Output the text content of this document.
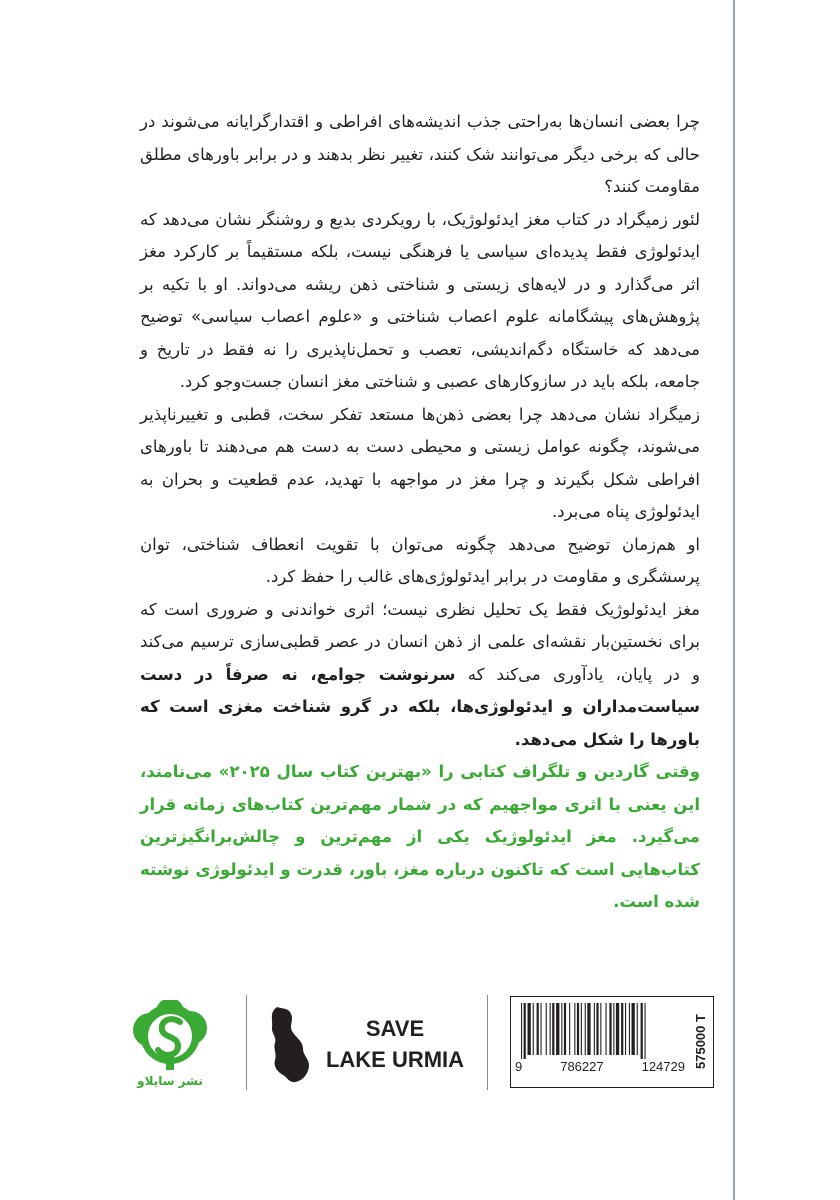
چرا بعضی انسان‌ها به‌راحتی جذب اندیشه‌های افراطی و اقتدارگرایانه می‌شوند در حالی که برخی دیگر می‌توانند شک کنند، تغییر نظر بدهند و در برابر باورهای مطلق مقاومت کنند؟

لئور زمیگراد در کتاب مغز ایدئولوژیک، با رویکردی بدیع و روشنگر نشان می‌دهد که ایدئولوژی فقط پدیده‌ای سیاسی یا فرهنگی نیست، بلکه مستقیماً بر کارکرد مغز اثر می‌گذارد و در لایه‌های زیستی و شناختی ذهن ریشه می‌دواند. او با تکیه بر پژوهش‌های پیشگامانه علوم اعصاب شناختی و «علوم اعصاب سیاسی» توضیح می‌دهد که خاستگاه دگم‌اندیشی، تعصب و تحمل‌ناپذیری را نه فقط در تاریخ و جامعه، بلکه باید در سازوکارهای عصبی و شناختی مغز انسان جست‌وجو کرد.

زمیگراد نشان می‌دهد چرا بعضی ذهن‌ها مستعد تفکر سخت، قطبی و تغییرناپذیر می‌شوند، چگونه عوامل زیستی و محیطی دست به دست هم می‌دهند تا باورهای افراطی شکل بگیرند و چرا مغز در مواجهه با تهدید، عدم قطعیت و بحران به ایدئولوژی پناه می‌برد.

او هم‌زمان توضیح می‌دهد چگونه می‌توان با تقویت انعطاف شناختی، توان پرسشگری و مقاومت در برابر ایدئولوژی‌های غالب را حفظ کرد.

مغز ایدئولوژیک فقط یک تحلیل نظری نیست؛ اثری خواندنی و ضروری است که برای نخستین‌بار نقشه‌ای علمی از ذهن انسان در عصر قطبی‌سازی ترسیم می‌کند و در پایان، یادآوری می‌کند که سرنوشت جوامع، نه صرفاً در دست سیاست‌مداران و ایدئولوژی‌ها، بلکه در گرو شناخت مغزی است که باورها را شکل می‌دهد.

وقتی گاردین و تلگراف کتابی را «بهترین کتاب سال ۲۰۲۵» می‌نامند، این یعنی با اثری مواجهیم که در شمار مهم‌ترین کتاب‌های زمانه قرار می‌گیرد. مغز ایدئولوژیک یکی از مهم‌ترین و چالش‌برانگیزترین کتاب‌هایی است که تاکنون درباره مغز، باور، قدرت و ایدئولوژی نوشته شده است.

نشر سایلاو
SAVE
LAKE URMIA	9	786227	124729 575000 T
